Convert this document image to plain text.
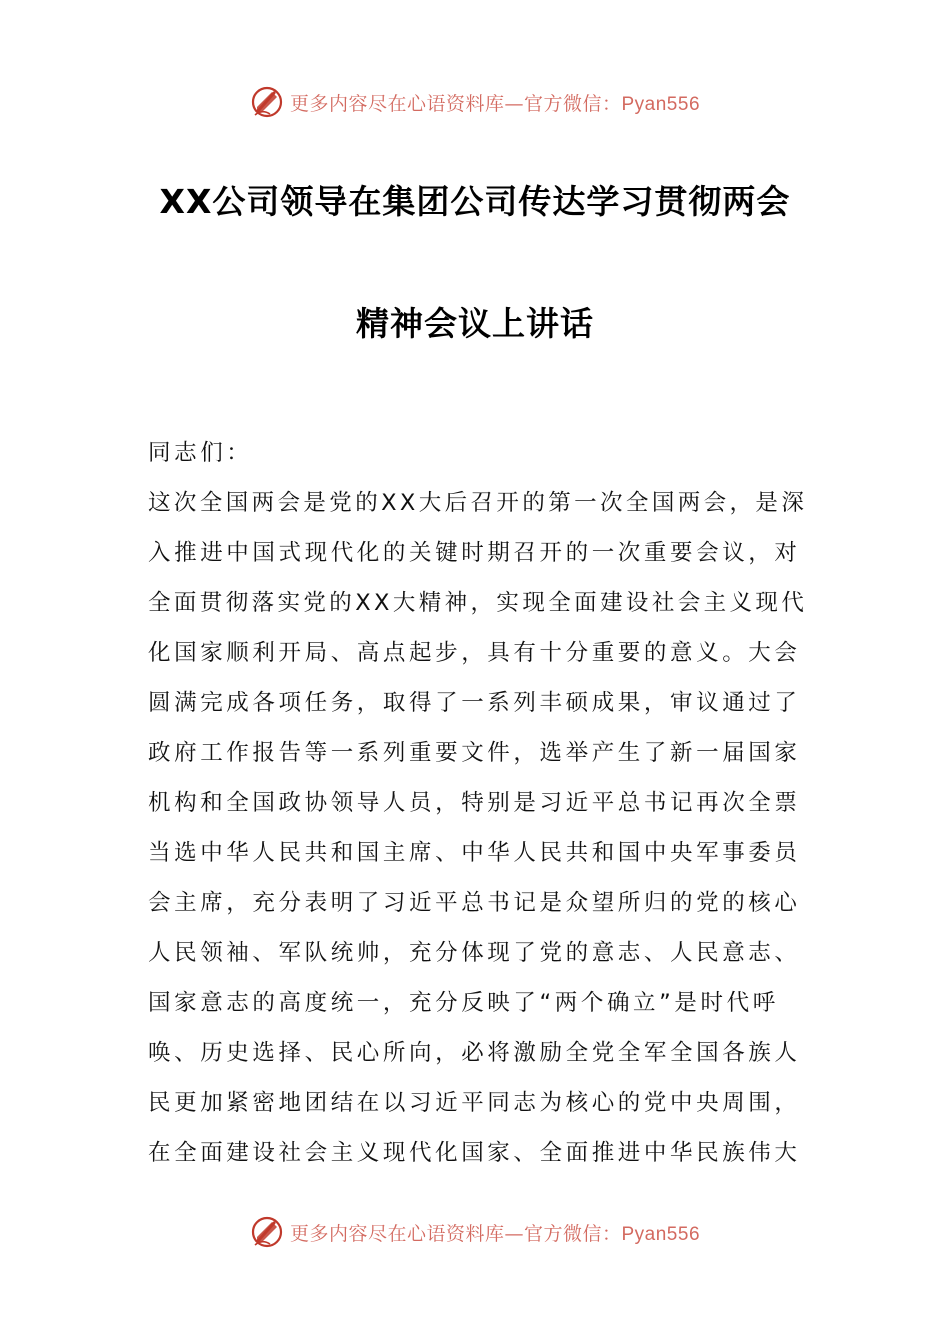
更多内容尽在心语资料库—官方微信：Pyan556
XX公司领导在集团公司传达学习贯彻两会
精神会议上讲话
同志们：
这次全国两会是党的XX大后召开的第一次全国两会，是深
入推进中国式现代化的关键时期召开的一次重要会议，对
全面贯彻落实党的XX大精神，实现全面建设社会主义现代
化国家顺利开局、高点起步，具有十分重要的意义。大会
圆满完成各项任务，取得了一系列丰硕成果，审议通过了
政府工作报告等一系列重要文件，选举产生了新一届国家
机构和全国政协领导人员，特别是习近平总书记再次全票
当选中华人民共和国主席、中华人民共和国中央军事委员
会主席，充分表明了习近平总书记是众望所归的党的核心
人民领袖、军队统帅，充分体现了党的意志、人民意志、
国家意志的高度统一，充分反映了“两个确立”是时代呼
唤、历史选择、民心所向，必将激励全党全军全国各族人
民更加紧密地团结在以习近平同志为核心的党中央周围，
在全面建设社会主义现代化国家、全面推进中华民族伟大
更多内容尽在心语资料库—官方微信：Pyan556
